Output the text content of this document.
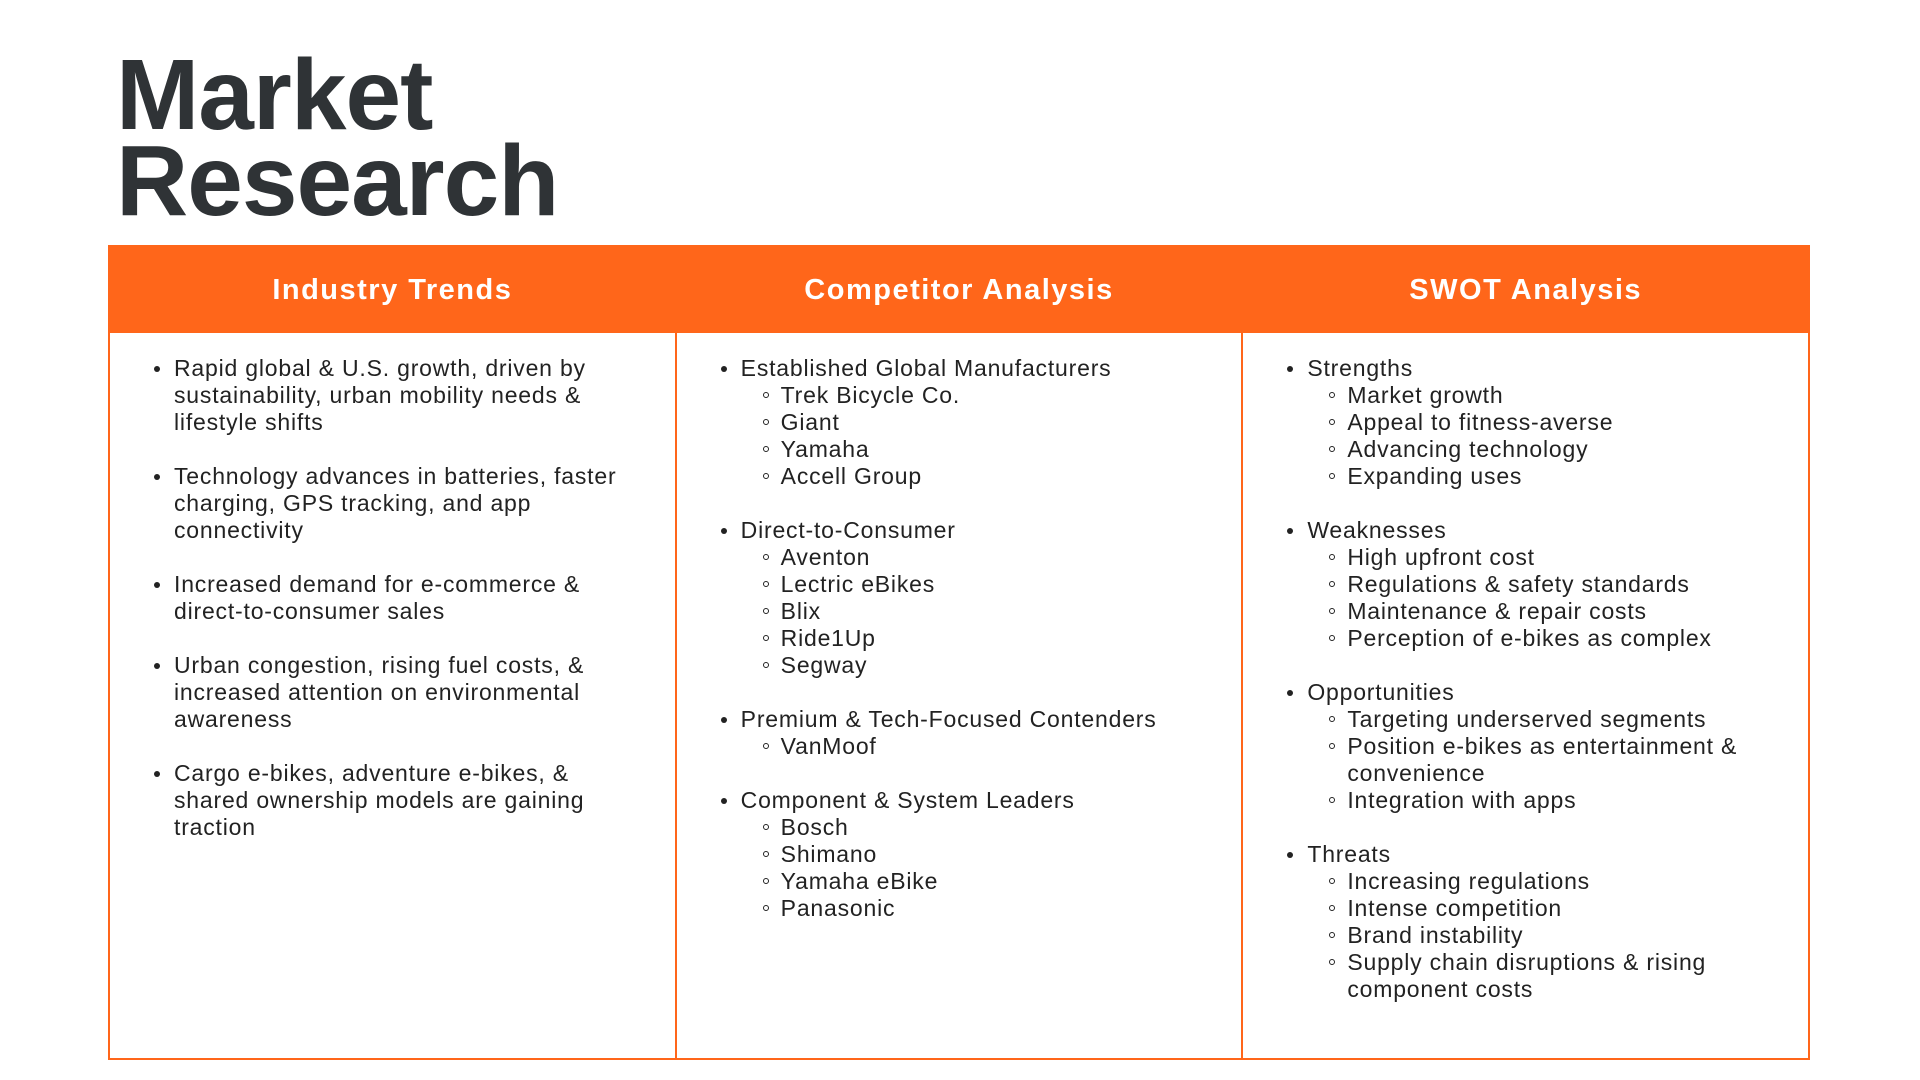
Market
Research
Industry Trends
Rapid global & U.S. growth, driven by sustainability, urban mobility needs & lifestyle shifts
Technology advances in batteries, faster charging, GPS tracking, and app connectivity
Increased demand for e-commerce & direct-to-consumer sales
Urban congestion, rising fuel costs, & increased attention on environmental awareness
Cargo e-bikes, adventure e-bikes, & shared ownership models are gaining traction
Competitor Analysis
Established Global Manufacturers
Trek Bicycle Co.
Giant
Yamaha
Accell Group
Direct-to-Consumer
Aventon
Lectric eBikes
Blix
Ride1Up
Segway
Premium & Tech-Focused Contenders
VanMoof
Component & System Leaders
Bosch
Shimano
Yamaha eBike
Panasonic
SWOT Analysis
Strengths
Market growth
Appeal to fitness-averse
Advancing technology
Expanding uses
Weaknesses
High upfront cost
Regulations & safety standards
Maintenance & repair costs
Perception of e-bikes as complex
Opportunities
Targeting underserved segments
Position e-bikes as entertainment & convenience
Integration with apps
Threats
Increasing regulations
Intense competition
Brand instability
Supply chain disruptions & rising component costs
